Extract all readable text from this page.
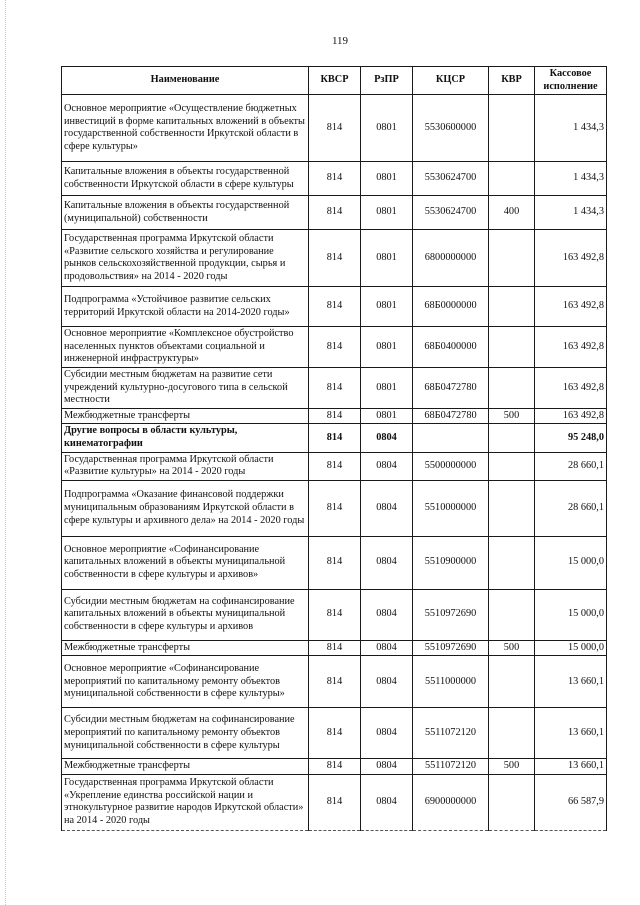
119
Наименование	КВСР	РзПР	КЦСР	КВР	Кассовое исполнение
Основное мероприятие «Осуществление бюджетных инвестиций в форме капитальных вложений в объекты государственной собственности Иркутской области в сфере культуры»	814	0801	5530600000		1 434,3
Капитальные вложения в объекты государственной собственности Иркутской области в сфере культуры	814	0801	5530624700		1 434,3
Капитальные вложения в объекты государственной (муниципальной) собственности	814	0801	5530624700	400	1 434,3
Государственная программа Иркутской области «Развитие сельского хозяйства и регулирование рынков сельскохозяйственной продукции, сырья и продовольствия» на 2014 - 2020 годы	814	0801	6800000000		163 492,8
Подпрограмма «Устойчивое развитие сельских территорий Иркутской области на 2014-2020 годы»	814	0801	68Б0000000		163 492,8
Основное мероприятие «Комплексное обустройство населенных пунктов объектами социальной и инженерной инфраструктуры»	814	0801	68Б0400000		163 492,8
Субсидии местным бюджетам на развитие сети учреждений культурно-досугового типа в сельской местности	814	0801	68Б0472780		163 492,8
Межбюджетные трансферты	814	0801	68Б0472780	500	163 492,8
Другие вопросы в области культуры, кинематографии	814	0804			95 248,0
Государственная программа Иркутской области «Развитие культуры» на 2014 - 2020 годы	814	0804	5500000000		28 660,1
Подпрограмма «Оказание финансовой поддержки муниципальным образованиям Иркутской области в сфере культуры и архивного дела» на 2014 - 2020 годы	814	0804	5510000000		28 660,1
Основное мероприятие «Софинансирование капитальных вложений в объекты муниципальной собственности в сфере культуры и архивов»	814	0804	5510900000		15 000,0
Субсидии местным бюджетам на софинансирование капитальных вложений в объекты муниципальной собственности в сфере культуры и архивов	814	0804	5510972690		15 000,0
Межбюджетные трансферты	814	0804	5510972690	500	15 000,0
Основное мероприятие «Софинансирование мероприятий по капитальному ремонту объектов муниципальной собственности в сфере культуры»	814	0804	5511000000		13 660,1
Субсидии местным бюджетам на софинансирование мероприятий по капитальному ремонту объектов муниципальной собственности в сфере культуры	814	0804	5511072120		13 660,1
Межбюджетные трансферты	814	0804	5511072120	500	13 660,1
Государственная программа Иркутской области «Укрепление единства российской нации и этнокультурное развитие народов Иркутской области» на 2014 - 2020 годы	814	0804	6900000000		66 587,9
